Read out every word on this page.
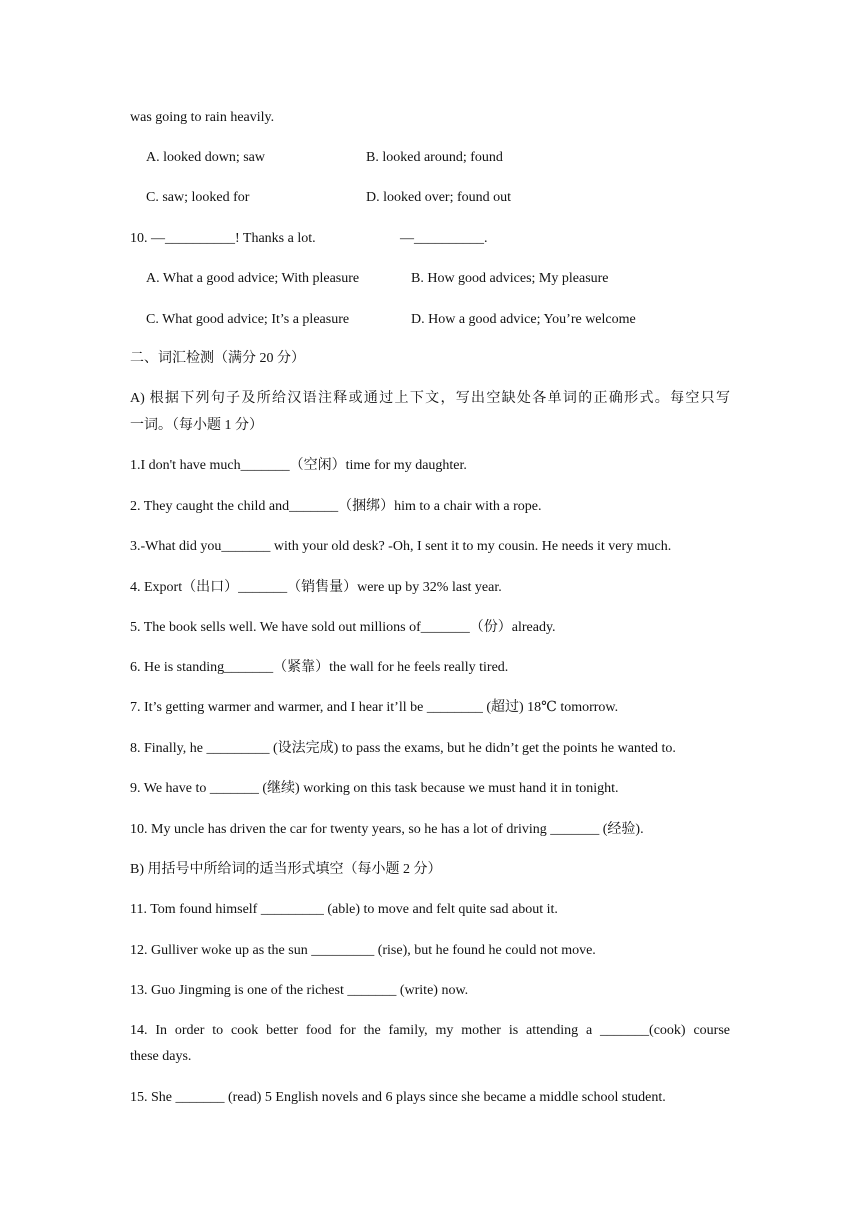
was going to rain heavily.
A. looked down; saw	B. looked around; found
C. saw; looked for	D. looked over; found out
10. —__________! Thanks a lot.	—__________.
A. What a good advice; With pleasure	B. How good advices; My pleasure
C. What good advice; It’s a pleasure	D. How a good advice; You’re welcome
二、词汇检测（满分 20 分）
A) 根据下列句子及所给汉语注释或通过上下文，写出空缺处各单词的正确形式。每空只写
一词。（每小题 1 分）
1.I don't have much_______（空闲）time for my daughter.
2. They caught the child and_______（捆绑）him to a chair with a rope.
3.-What did you_______ with your old desk? -Oh, I sent it to my cousin. He needs it very much.
4. Export（出口）_______（销售量）were up by 32% last year.
5. The book sells well. We have sold out millions of_______（份）already.
6. He is standing_______（紧靠）the wall for he feels really tired.
7. It’s getting warmer and warmer, and I hear it’ll be ________ (超过) 18℃ tomorrow.
8. Finally, he _________ (设法完成) to pass the exams, but he didn’t get the points he wanted to.
9. We have to _______ (继续) working on this task because we must hand it in tonight.
10. My uncle has driven the car for twenty years, so he has a lot of driving _______ (经验).
B) 用括号中所给词的适当形式填空（每小题 2 分）
11. Tom found himself _________ (able) to move and felt quite sad about it.
12. Gulliver woke up as the sun _________ (rise), but he found he could not move.
13. Guo Jingming is one of the richest _______ (write) now.
14. In order to cook better food for the family, my mother is attending a _______(cook) course
these days.
15. She _______ (read) 5 English novels and 6 plays since she became a middle school student.
